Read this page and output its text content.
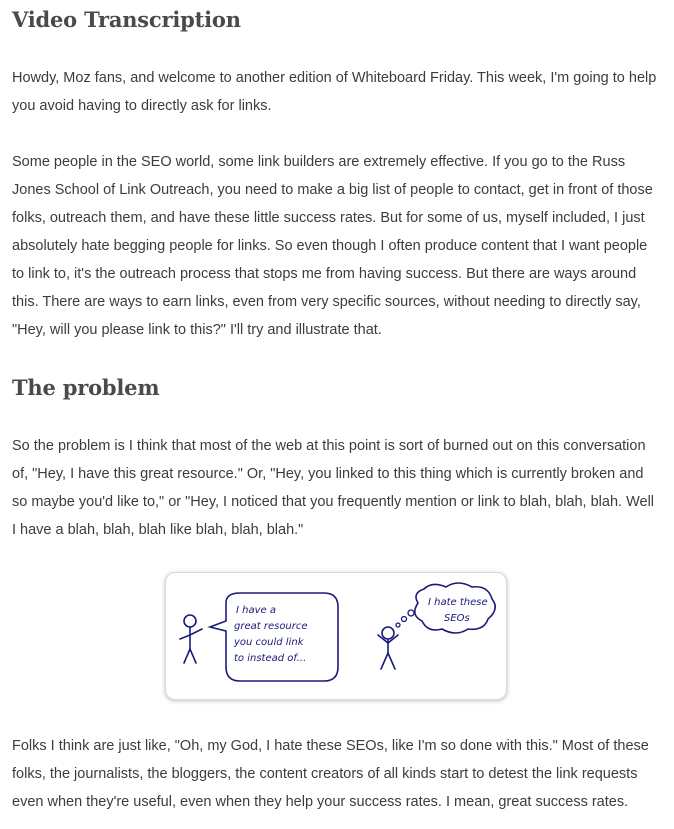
Video Transcription

Howdy, Moz fans, and welcome to another edition of Whiteboard Friday. This week, I'm going to help you avoid having to directly ask for links.

Some people in the SEO world, some link builders are extremely effective. If you go to the Russ Jones School of Link Outreach, you need to make a big list of people to contact, get in front of those folks, outreach them, and have these little success rates. But for some of us, myself included, I just absolutely hate begging people for links. So even though I often produce content that I want people to link to, it's the outreach process that stops me from having success. But there are ways around this. There are ways to earn links, even from very specific sources, without needing to directly say, "Hey, will you please link to this?" I'll try and illustrate that.

The problem

So the problem is I think that most of the web at this point is sort of burned out on this conversation of, "Hey, I have this great resource." Or, "Hey, you linked to this thing which is currently broken and so maybe you'd like to," or "Hey, I noticed that you frequently mention or link to blah, blah, blah. Well I have a blah, blah, blah like blah, blah, blah."

I have a
great resource
you could link
to instead of...
I hate these
SEOs

Folks I think are just like, "Oh, my God, I hate these SEOs, like I'm so done with this." Most of these folks, the journalists, the bloggers, the content creators of all kinds start to detest the link requests even when they're useful, even when they help your success rates. I mean, great success rates.
